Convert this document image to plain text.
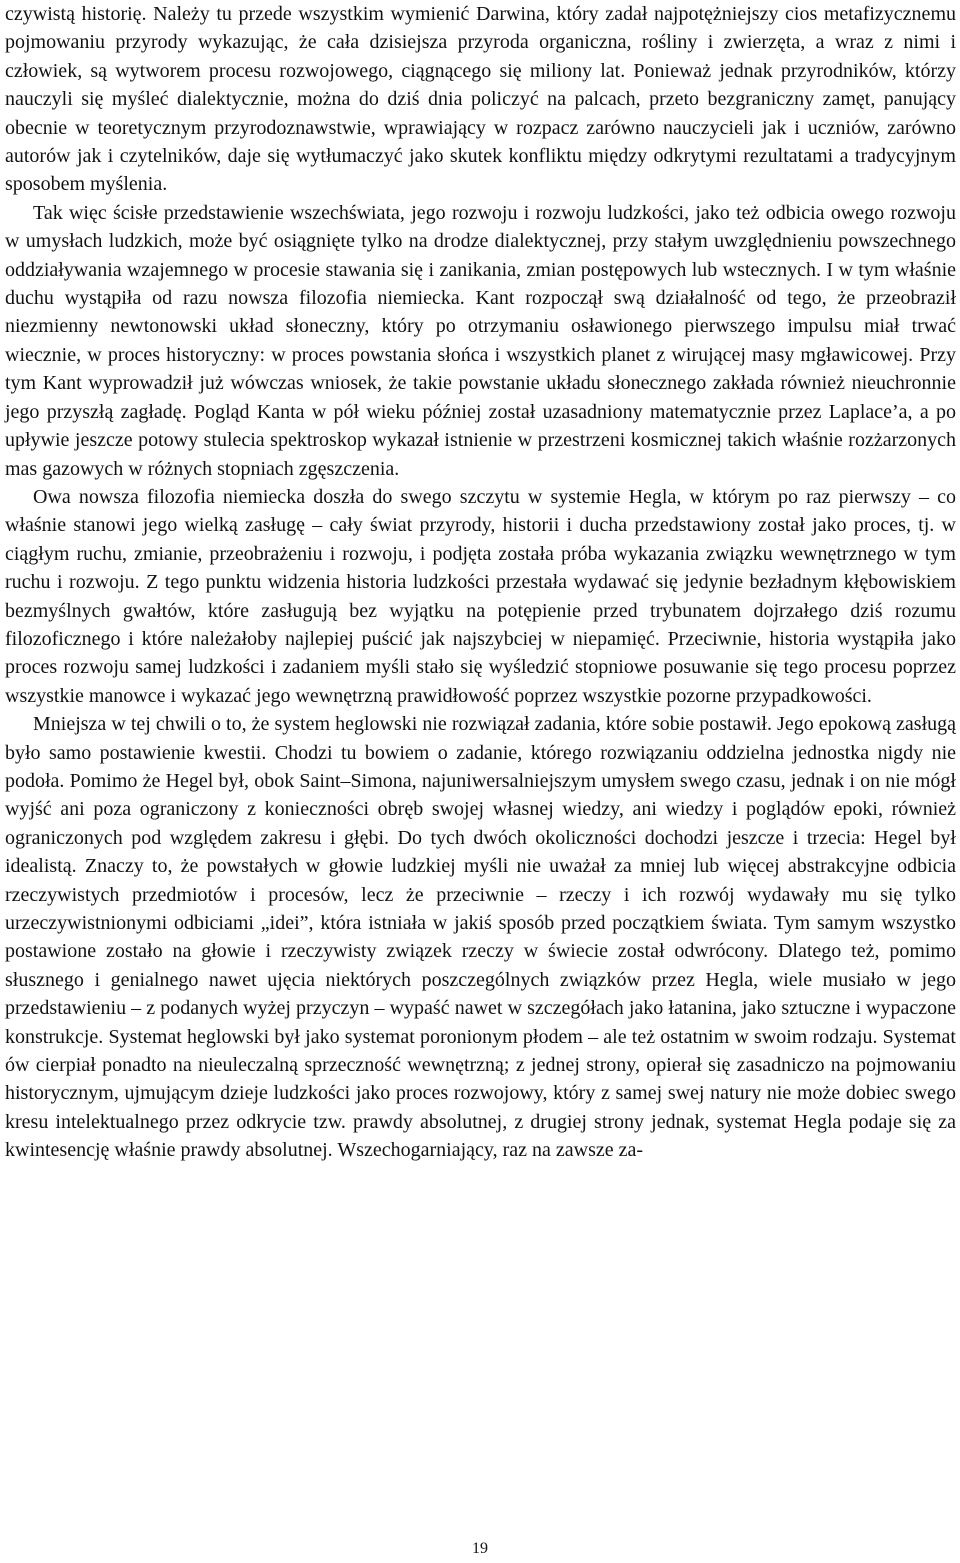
czywistą historię. Należy tu przede wszystkim wymienić Darwina, który zadał najpotężniejszy cios metafizycznemu pojmowaniu przyrody wykazując, że cała dzisiejsza przyroda organiczna, rośliny i zwierzęta, a wraz z nimi i człowiek, są wytworem procesu rozwojowego, ciągnącego się miliony lat. Ponieważ jednak przyrodników, którzy nauczyli się myśleć dialektycznie, można do dziś dnia policzyć na palcach, przeto bezgraniczny zamęt, panujący obecnie w teoretycznym przyrodoznawstwie, wprawiający w rozpacz zarówno nauczycieli jak i uczniów, zarówno autorów jak i czytelników, daje się wytłumaczyć jako skutek konfliktu między odkrytymi rezultatami a tradycyjnym sposobem myślenia.

Tak więc ścisłe przedstawienie wszechświata, jego rozwoju i rozwoju ludzkości, jako też odbicia owego rozwoju w umysłach ludzkich, może być osiągnięte tylko na drodze dialektycznej, przy stałym uwzględnieniu powszechnego oddziaływania wzajemnego w procesie stawania się i zanikania, zmian postępowych lub wstecznych. I w tym właśnie duchu wystąpiła od razu nowsza filozofia niemiecka. Kant rozpoczął swą działalność od tego, że przeobraził niezmienny newtonowski układ słoneczny, który po otrzymaniu osławionego pierwszego impulsu miał trwać wiecznie, w proces historyczny: w proces powstania słońca i wszystkich planet z wirującej masy mgławicowej. Przy tym Kant wyprowadził już wówczas wniosek, że takie powstanie układu słonecznego zakłada również nieuchronnie jego przyszłą zagładę. Pogląd Kanta w pół wieku później został uzasadniony matematycznie przez Laplace’a, a po upływie jeszcze potowy stulecia spektroskop wykazał istnienie w przestrzeni kosmicznej takich właśnie rozżarzonych mas gazowych w różnych stopniach zgęszczenia.

Owa nowsza filozofia niemiecka doszła do swego szczytu w systemie Hegla, w którym po raz pierwszy – co właśnie stanowi jego wielką zasługę – cały świat przyrody, historii i ducha przedstawiony został jako proces, tj. w ciągłym ruchu, zmianie, przeobrażeniu i rozwoju, i podjęta została próba wykazania związku wewnętrznego w tym ruchu i rozwoju. Z tego punktu widzenia historia ludzkości przestała wydawać się jedynie bezładnym kłębowiskiem bezmyślnych gwałtów, które zasługują bez wyjątku na potępienie przed trybunatem dojrzałego dziś rozumu filozoficznego i które należałoby najlepiej puścić jak najszybciej w niepamięć. Przeciwnie, historia wystąpiła jako proces rozwoju samej ludzkości i zadaniem myśli stało się wyśledzić stopniowe posuwanie się tego procesu poprzez wszystkie manowce i wykazać jego wewnętrzną prawidłowość poprzez wszystkie pozorne przypadkowości.

Mniejsza w tej chwili o to, że system heglowski nie rozwiązał zadania, które sobie postawił. Jego epokową zasługą było samo postawienie kwestii. Chodzi tu bowiem o zadanie, którego rozwiązaniu oddzielna jednostka nigdy nie podoła. Pomimo że Hegel był, obok Saint–Simona, najuniwersalniejszym umysłem swego czasu, jednak i on nie mógł wyjść ani poza ograniczony z konieczności obręb swojej własnej wiedzy, ani wiedzy i poglądów epoki, również ograniczonych pod względem zakresu i głębi. Do tych dwóch okoliczności dochodzi jeszcze i trzecia: Hegel był idealistą. Znaczy to, że powstałych w głowie ludzkiej myśli nie uważał za mniej lub więcej abstrakcyjne odbicia rzeczywistych przedmiotów i procesów, lecz że przeciwnie – rzeczy i ich rozwój wydawały mu się tylko urzeczywistnionymi odbiciami „idei”, która istniała w jakiś sposób przed początkiem świata. Tym samym wszystko postawione zostało na głowie i rzeczywisty związek rzeczy w świecie został odwrócony. Dlatego też, pomimo słusznego i genialnego nawet ujęcia niektórych poszczególnych związków przez Hegla, wiele musiało w jego przedstawieniu – z podanych wyżej przyczyn – wypaść nawet w szczegółach jako łatanina, jako sztuczne i wypaczone konstrukcje. Systemat heglowski był jako systemat poronionym płodem – ale też ostatnim w swoim rodzaju. Systemat ów cierpiał ponadto na nieuleczalną sprzeczność wewnętrzną; z jednej strony, opierał się zasadniczo na pojmowaniu historycznym, ujmującym dzieje ludzkości jako proces rozwojowy, który z samej swej natury nie może dobiec swego kresu intelektualnego przez odkrycie tzw. prawdy absolutnej, z drugiej strony jednak, systemat Hegla podaje się za kwintesencję właśnie prawdy absolutnej. Wszechogarniający, raz na zawsze za-

19
